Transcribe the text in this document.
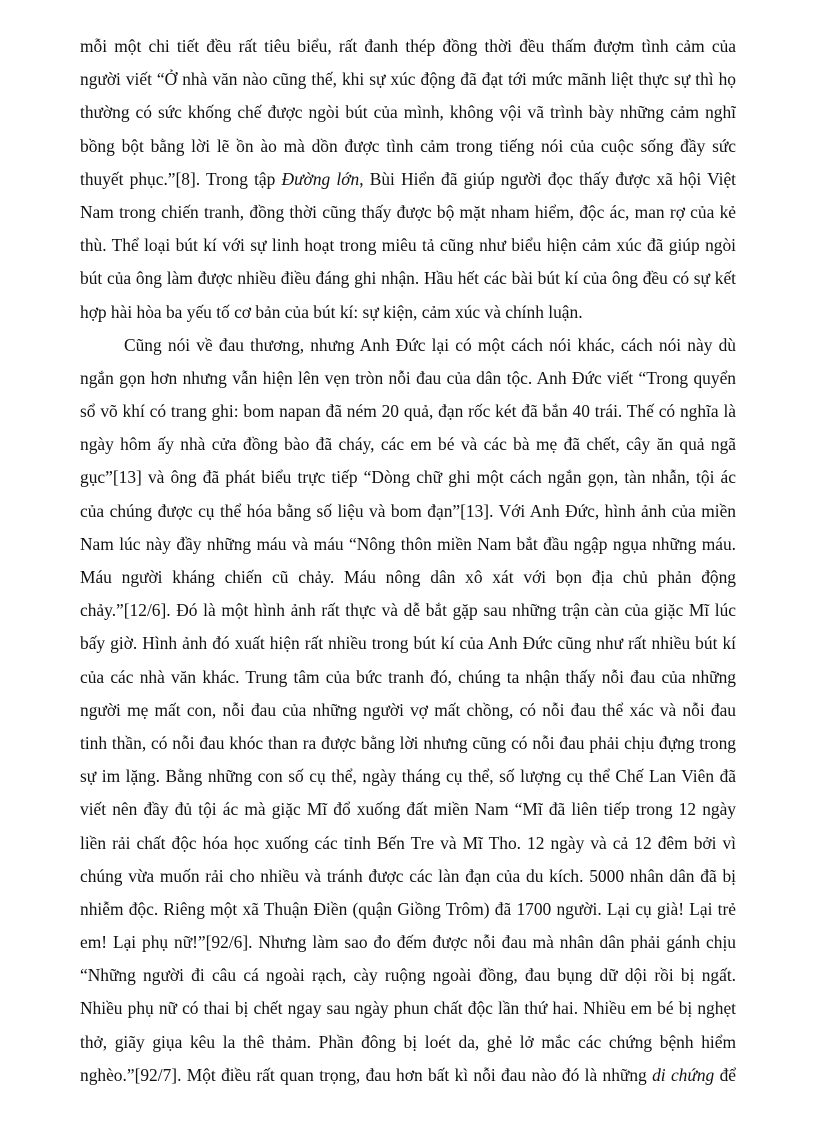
mỗi một chi tiết đều rất tiêu biểu, rất đanh thép đồng thời đều thấm đượm tình cảm của
người viết “Ở nhà văn nào cũng thế, khi sự xúc động đã đạt tới mức mãnh liệt thực sự thì họ
thường có sức khống chế được ngòi bút của mình, không vội vã trình bày những cảm nghĩ
bồng bột bằng lời lẽ ồn ào mà dồn được tình cảm trong tiếng nói của cuộc sống đầy sức
thuyết phục.”[8]. Trong tập Đường lớn, Bùi Hiển đã giúp người đọc thấy được xã hội Việt
Nam trong chiến tranh, đồng thời cũng thấy được bộ mặt nham hiểm, độc ác, man rợ của kẻ
thù. Thể loại bút kí với sự linh hoạt trong miêu tả cũng như biểu hiện cảm xúc đã giúp ngòi
bút của ông làm được nhiều điều đáng ghi nhận. Hầu hết các bài bút kí của ông đều có sự kết
hợp hài hòa ba yếu tố cơ bản của bút kí: sự kiện, cảm xúc và chính luận.
Cũng nói về đau thương, nhưng Anh Đức lại có một cách nói khác, cách nói này dù
ngắn gọn hơn nhưng vẫn hiện lên vẹn tròn nỗi đau của dân tộc. Anh Đức viết “Trong quyển
sổ võ khí có trang ghi: bom napan đã ném 20 quả, đạn rốc két đã bắn 40 trái. Thế có nghĩa là
ngày hôm ấy nhà cửa đồng bào đã cháy, các em bé và các bà mẹ đã chết, cây ăn quả ngã
gục”[13] và ông đã phát biểu trực tiếp “Dòng chữ ghi một cách ngắn gọn, tàn nhẫn, tội ác
của chúng được cụ thể hóa bằng số liệu và bom đạn”[13]. Với Anh Đức, hình ảnh của miền
Nam lúc này đầy những máu và máu “Nông thôn miền Nam bắt đầu ngập ngụa những máu.
Máu người kháng chiến cũ chảy. Máu nông dân xô xát với bọn địa chủ phản động
chảy.”[12/6]. Đó là một hình ảnh rất thực và dễ bắt gặp sau những trận càn của giặc Mĩ lúc
bấy giờ. Hình ảnh đó xuất hiện rất nhiều trong bút kí của Anh Đức cũng như rất nhiều bút kí
của các nhà văn khác. Trung tâm của bức tranh đó, chúng ta nhận thấy nỗi đau của những
người mẹ mất con, nỗi đau của những người vợ mất chồng, có nỗi đau thể xác và nỗi đau
tinh thần, có nỗi đau khóc than ra được bằng lời nhưng cũng có nỗi đau phải chịu đựng trong
sự im lặng. Bằng những con số cụ thể, ngày tháng cụ thể, số lượng cụ thể Chế Lan Viên đã
viết nên đầy đủ tội ác mà giặc Mĩ đổ xuống đất miền Nam “Mĩ đã liên tiếp trong 12 ngày
liền rải chất độc hóa học xuống các tỉnh Bến Tre và Mĩ Tho. 12 ngày và cả 12 đêm bởi vì
chúng vừa muốn rải cho nhiều và tránh được các làn đạn của du kích. 5000 nhân dân đã bị
nhiễm độc. Riêng một xã Thuận Điền (quận Giồng Trôm) đã 1700 người. Lại cụ già! Lại trẻ
em! Lại phụ nữ!”[92/6]. Nhưng làm sao đo đếm được nỗi đau mà nhân dân phải gánh chịu
“Những người đi câu cá ngoài rạch, cày ruộng ngoài đồng, đau bụng dữ dội rồi bị ngất.
Nhiều phụ nữ có thai bị chết ngay sau ngày phun chất độc lần thứ hai. Nhiều em bé bị nghẹt
thở, giãy giụa kêu la thê thảm. Phần đông bị loét da, ghẻ lở mắc các chứng bệnh hiểm
nghèo.”[92/7]. Một điều rất quan trọng, đau hơn bất kì nỗi đau nào đó là những di chứng để
